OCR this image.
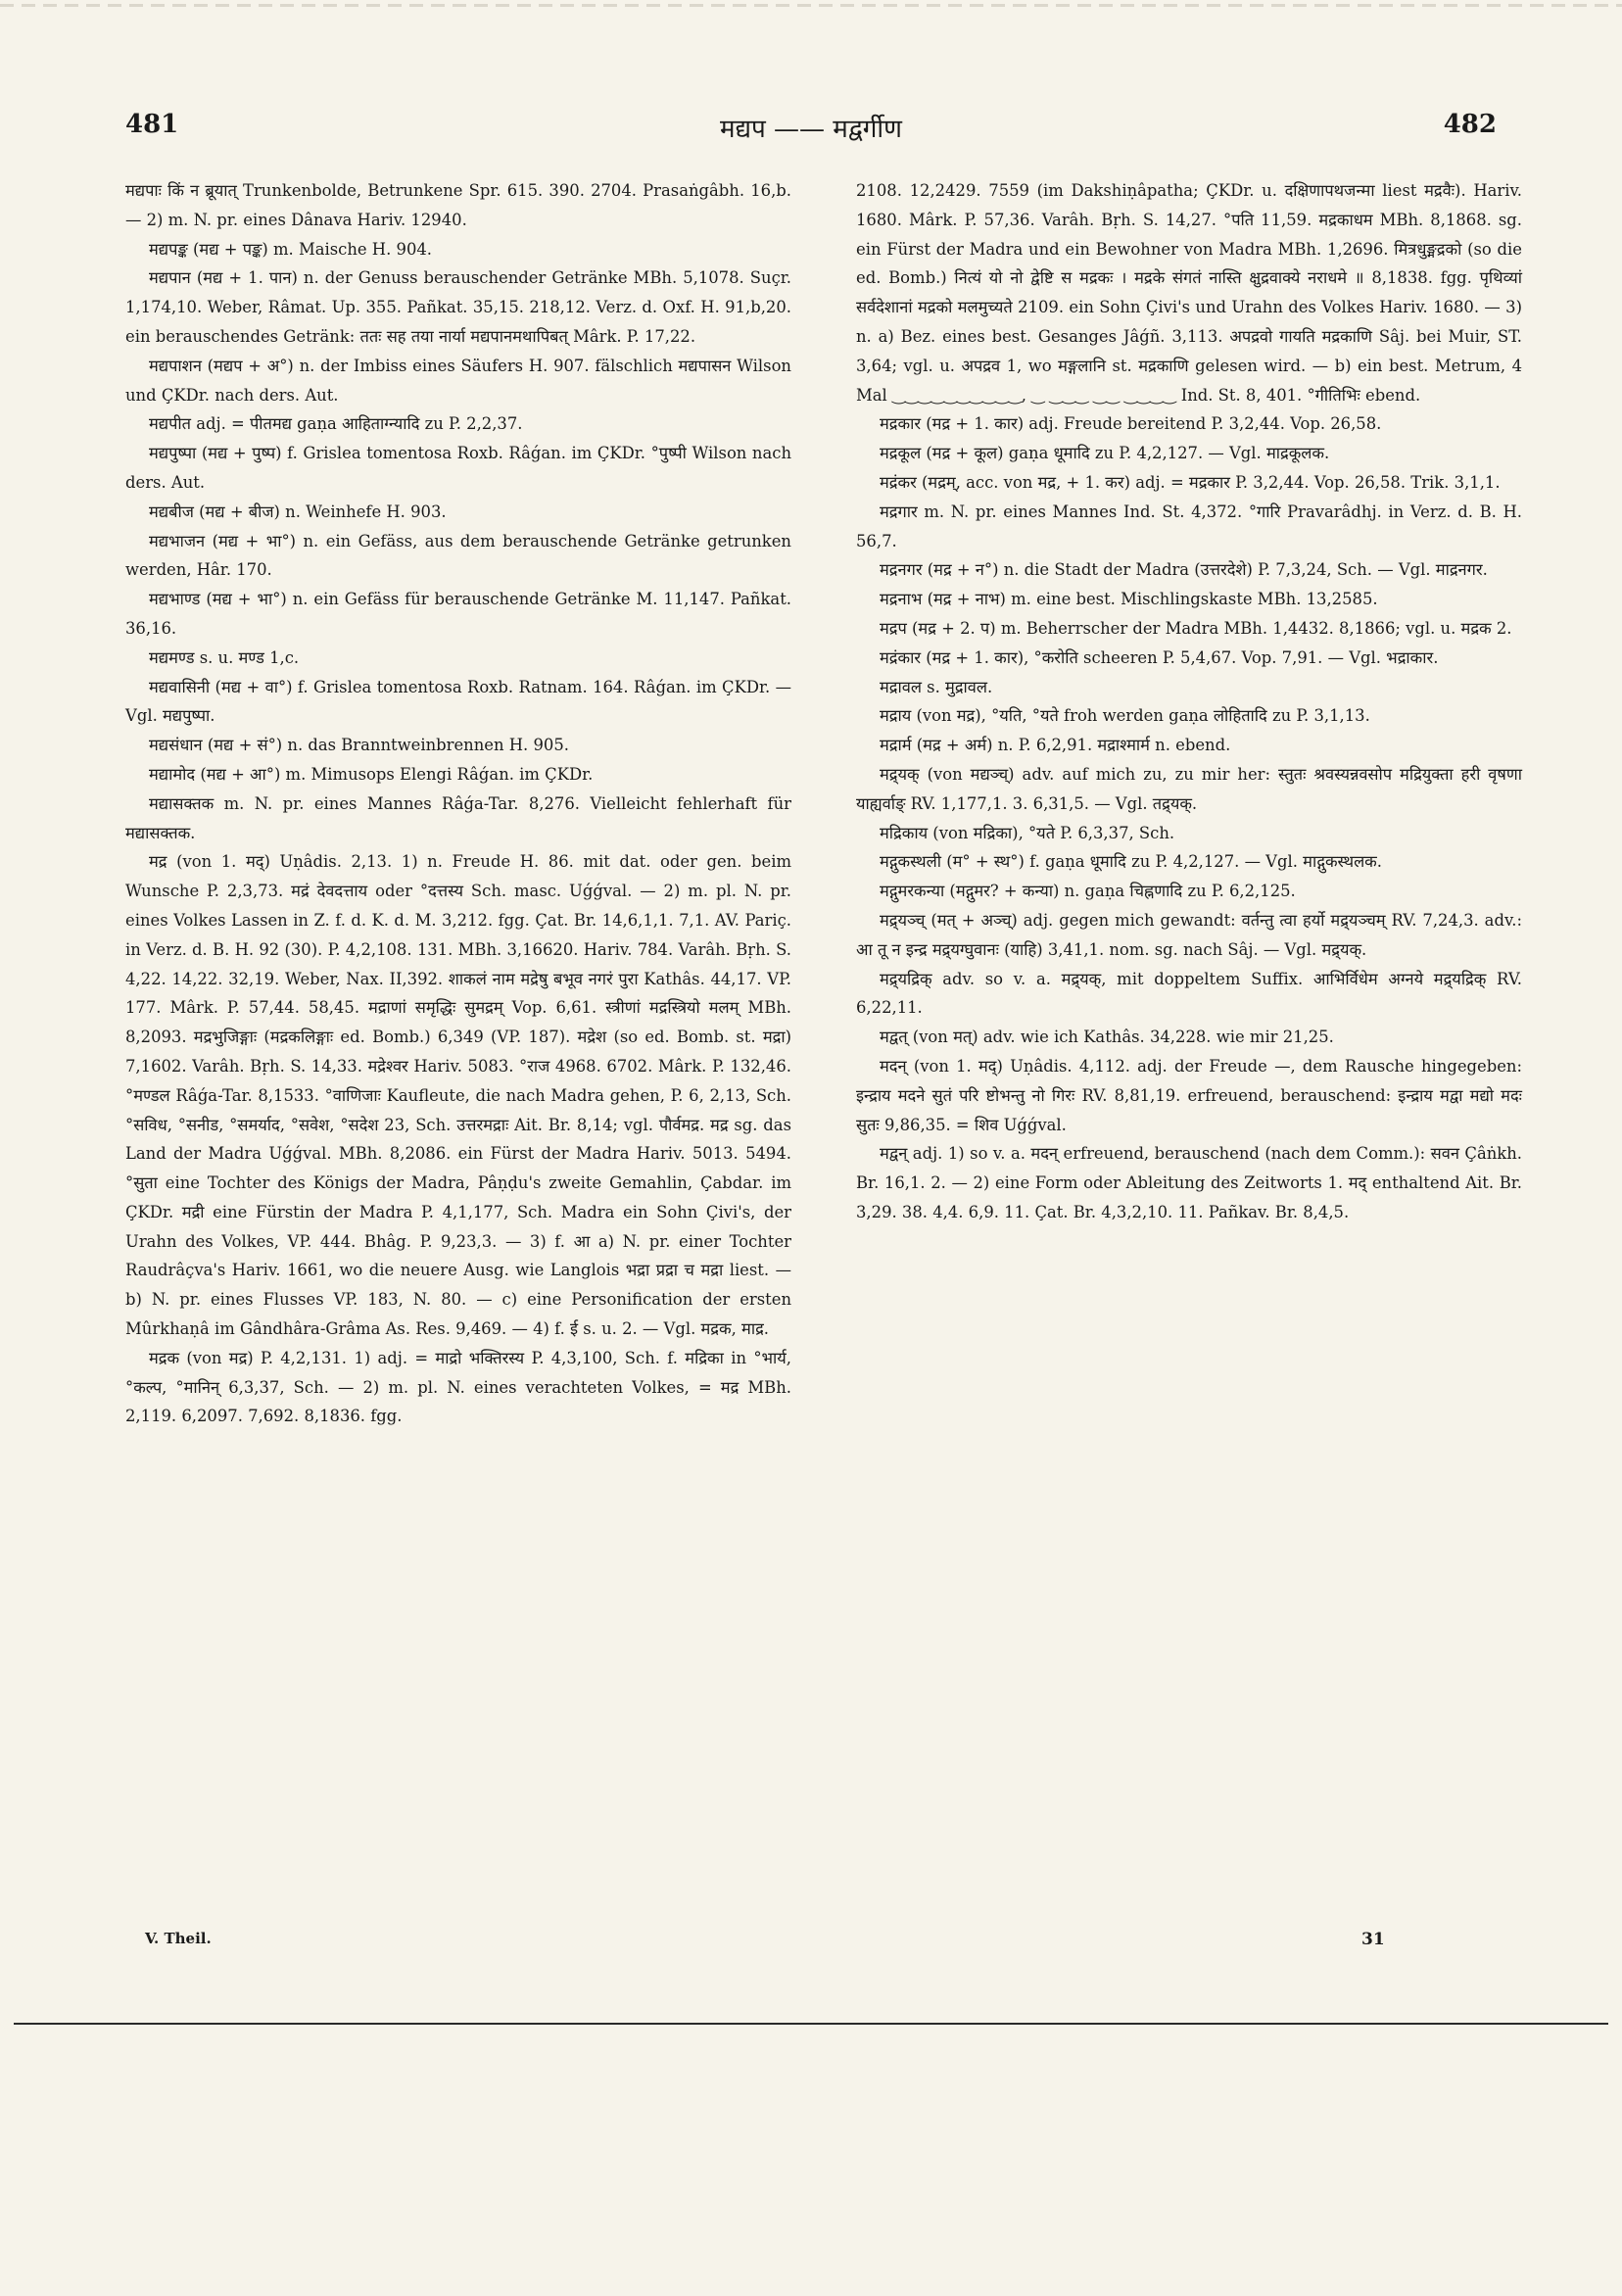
481	मद्यप —— मद्वर्गीण	482

मद्यपाः किं न ब्रूयात् Trunkenbolde, Betrunkene Spr. 615. 390. 2704. Prasaṅgâbh. 16,b. — 2) m. N. pr. eines Dânava Hariv. 12940.

मद्यपङ्क (मद्य + पङ्क) m. Maische H. 904.

मद्यपान (मद्य + 1. पान) n. der Genuss berauschender Getränke MBh. 5,1078. Suçr. 1,174,10. Weber, Râmat. Up. 355. Pañkat. 35,15. 218,12. Verz. d. Oxf. H. 91,b,20. ein berauschendes Getränk: ततः सह तया नार्या मद्यपानमथापिबत् Mârk. P. 17,22.

मद्यपाशन (मद्यप + अ°) n. der Imbiss eines Säufers H. 907. fälschlich मद्यपासन Wilson und ÇKDr. nach ders. Aut.

मद्यपीत adj. = पीतमद्य gaṇa आहिताग्न्यादि zu P. 2,2,37.

मद्यपुष्पा (मद्य + पुष्प) f. Grislea tomentosa Roxb. Râǵan. im ÇKDr. °पुष्पी Wilson nach ders. Aut.

मद्यबीज (मद्य + बीज) n. Weinhefe H. 903.

मद्यभाजन (मद्य + भा°) n. ein Gefäss, aus dem berauschende Getränke getrunken werden, Hâr. 170.

मद्यभाण्ड (मद्य + भा°) n. ein Gefäss für berauschende Getränke M. 11,147. Pañkat. 36,16.

मद्यमण्ड s. u. मण्ड 1,c.

मद्यवासिनी (मद्य + वा°) f. Grislea tomentosa Roxb. Ratnam. 164. Râǵan. im ÇKDr. — Vgl. मद्यपुष्पा.

मद्यसंधान (मद्य + सं°) n. das Branntweinbrennen H. 905.

मद्यामोद (मद्य + आ°) m. Mimusops Elengi Râǵan. im ÇKDr.

मद्यासक्तक m. N. pr. eines Mannes Râǵa-Tar. 8,276. Vielleicht fehlerhaft für मद्यासक्तक.

मद्र (von 1. मद्) Uṇâdis. 2,13. 1) n. Freude H. 86. mit dat. oder gen. beim Wunsche P. 2,3,73. मद्रं देवदत्ताय oder °दत्तस्य Sch. masc. Uǵǵval. — 2) m. pl. N. pr. eines Volkes Lassen in Z. f. d. K. d. M. 3,212. fgg. Çat. Br. 14,6,1,1. 7,1. AV. Pariç. in Verz. d. B. H. 92 (30). P. 4,2,108. 131. MBh. 3,16620. Hariv. 784. Varâh. Bṛh. S. 4,22. 14,22. 32,19. Weber, Nax. II,392. शाकलं नाम मद्रेषु बभूव नगरं पुरा Kathâs. 44,17. VP. 177. Mârk. P. 57,44. 58,45. मद्राणां समृद्धिः सुमद्रम् Vop. 6,61. स्त्रीणां मद्रस्त्रियो मलम् MBh. 8,2093. मद्रभुजिङ्गाः (मद्रकलिङ्गाः ed. Bomb.) 6,349 (VP. 187). मद्रेश (so ed. Bomb. st. मद्रा) 7,1602. Varâh. Bṛh. S. 14,33. मद्रेश्वर Hariv. 5083. °राज 4968. 6702. Mârk. P. 132,46. °मण्डल Râǵa-Tar. 8,1533. °वाणिजाः Kaufleute, die nach Madra gehen, P. 6, 2,13, Sch. °सविध, °सनीड, °समर्याद, °सवेश, °सदेश 23, Sch. उत्तरमद्राः Ait. Br. 8,14; vgl. पौर्वमद्र. मद्र sg. das Land der Madra Uǵǵval. MBh. 8,2086. ein Fürst der Madra Hariv. 5013. 5494. °सुता eine Tochter des Königs der Madra, Pâṇḍu's zweite Gemahlin, Çabdar. im ÇKDr. मद्री eine Fürstin der Madra P. 4,1,177, Sch. Madra ein Sohn Çivi's, der Urahn des Volkes, VP. 444. Bhâg. P. 9,23,3. — 3) f. आ a) N. pr. einer Tochter Raudrâçva's Hariv. 1661, wo die neuere Ausg. wie Langlois भद्रा प्रद्रा च मद्रा liest. — b) N. pr. eines Flusses VP. 183, N. 80. — c) eine Personification der ersten Mûrkhaṇâ im Gândhâra-Grâma As. Res. 9,469. — 4) f. ई s. u. 2. — Vgl. मद्रक, माद्र.

मद्रक (von मद्र) P. 4,2,131. 1) adj. = माद्रो भक्तिरस्य P. 4,3,100, Sch. f. मद्रिका in °भार्य, °कल्प, °मानिन् 6,3,37, Sch. — 2) m. pl. N. eines verachteten Volkes, = मद्र MBh. 2,119. 6,2097. 7,692. 8,1836. fgg.

2108. 12,2429. 7559 (im Dakshiṇâpatha; ÇKDr. u. दक्षिणापथजन्मा liest मद्रवैः). Hariv. 1680. Mârk. P. 57,36. Varâh. Bṛh. S. 14,27. °पति 11,59. मद्रकाधम MBh. 8,1868. sg. ein Fürst der Madra und ein Bewohner von Madra MBh. 1,2696. मित्रधुङ्मद्रको (so die ed. Bomb.) नित्यं यो नो द्वेष्टि स मद्रकः । मद्रके संगतं नास्ति क्षुद्रवाक्ये नराधमे ॥ 8,1838. fgg. पृथिव्यां सर्वदेशानां मद्रको मलमुच्यते 2109. ein Sohn Çivi's und Urahn des Volkes Hariv. 1680. — 3) n. a) Bez. eines best. Gesanges Jâǵñ. 3,113. अपद्रवो गायति मद्रकाणि Sâj. bei Muir, ST. 3,64; vgl. u. अपद्रव 1, wo मङ्गलानि st. मद्रकाणि gelesen wird. — b) ein best. Metrum, 4 Mal ‿‿‿‿‿‿‿‿‿‿, ‿ ‿‿‿ ‿‿ ‿‿‿‿ Ind. St. 8, 401. °गीतिभिः ebend.

मद्रकार (मद्र + 1. कार) adj. Freude bereitend P. 3,2,44. Vop. 26,58.

मद्रकूल (मद्र + कूल) gaṇa धूमादि zu P. 4,2,127. — Vgl. माद्रकूलक.

मद्रंकर (मद्रम्, acc. von मद्र, + 1. कर) adj. = मद्रकार P. 3,2,44. Vop. 26,58. Trik. 3,1,1.

मद्रगार m. N. pr. eines Mannes Ind. St. 4,372. °गारि Pravarâdhj. in Verz. d. B. H. 56,7.

मद्रनगर (मद्र + न°) n. die Stadt der Madra (उत्तरदेशे) P. 7,3,24, Sch. — Vgl. माद्रनगर.

मद्रनाभ (मद्र + नाभ) m. eine best. Mischlingskaste MBh. 13,2585.

मद्रप (मद्र + 2. प) m. Beherrscher der Madra MBh. 1,4432. 8,1866; vgl. u. मद्रक 2.

मद्रंकार (मद्र + 1. कार), °करोति scheeren P. 5,4,67. Vop. 7,91. — Vgl. भद्राकार.

मद्रावल s. मुद्रावल.

मद्राय (von मद्र), °यति, °यते froh werden gaṇa लोहितादि zu P. 3,1,13.

मद्रार्म (मद्र + अर्म) n. P. 6,2,91. मद्राश्मार्म n. ebend.

मद्र्यक् (von मद्यञ्च्) adv. auf mich zu, zu mir her: स्तुतः श्रवस्यन्नवसोप मद्रियुक्ता हरी वृषणा याह्यर्वाङ् RV. 1,177,1. 3. 6,31,5. — Vgl. तद्र्यक्.

मद्रिकाय (von मद्रिका), °यते P. 6,3,37, Sch.

मद्गुकस्थली (म° + स्थ°) f. gaṇa धूमादि zu P. 4,2,127. — Vgl. माद्गुकस्थलक.

मद्गुमरकन्या (मद्गुमर? + कन्या) n. gaṇa चिह्नणादि zu P. 6,2,125.

मद्र्यञ्च् (मत् + अञ्च्) adj. gegen mich gewandt: वर्तन्तु त्वा हर्यो मद्र्यञ्चम् RV. 7,24,3. adv.: आ तू न इन्द्र मद्र्यग्घुवानः (याहि) 3,41,1. nom. sg. nach Sâj. — Vgl. मद्र्यक्.

मद्र्यद्रिक् adv. so v. a. मद्र्यक्, mit doppeltem Suffix. आभिर्विधेम अग्नये मद्र्यद्रिक् RV. 6,22,11.

मद्वत् (von मत्) adv. wie ich Kathâs. 34,228. wie mir 21,25.

मदन् (von 1. मद्) Uṇâdis. 4,112. adj. der Freude —, dem Rausche hingegeben: इन्द्राय मदने सुतं परि ष्टोभन्तु नो गिरः RV. 8,81,19. erfreuend, berauschend: इन्द्राय मद्वा मद्यो मदः सुतः 9,86,35. = शिव Uǵǵval.

मद्वन् adj. 1) so v. a. मदन् erfreuend, berauschend (nach dem Comm.): सवन Çâṅkh. Br. 16,1. 2. — 2) eine Form oder Ableitung des Zeitworts 1. मद् enthaltend Ait. Br. 3,29. 38. 4,4. 6,9. 11. Çat. Br. 4,3,2,10. 11. Pañkav. Br. 8,4,5.

V. Theil.	31
